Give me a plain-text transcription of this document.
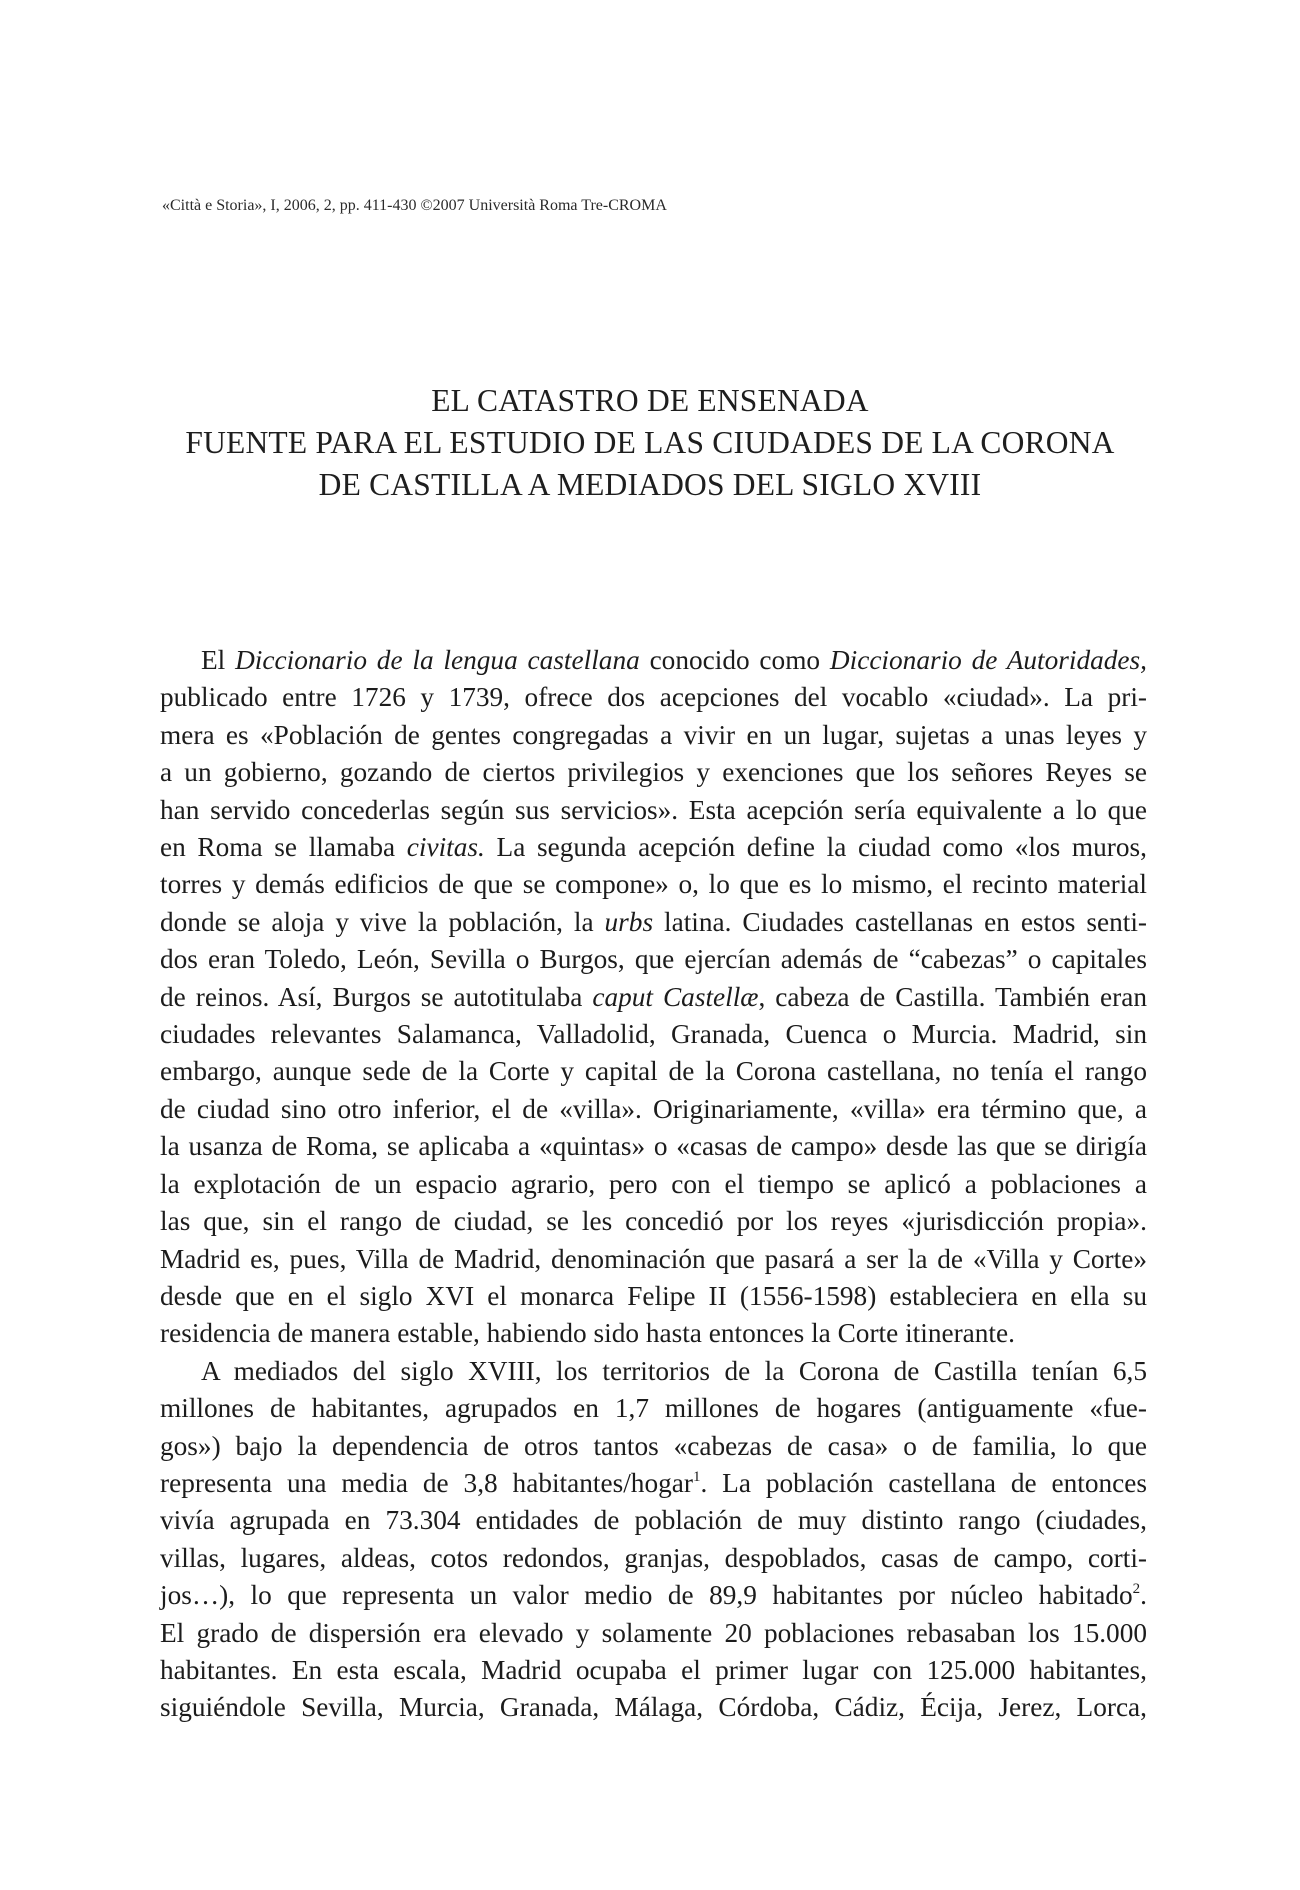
«Città e Storia», I, 2006, 2, pp. 411-430 ©2007 Università Roma Tre-CROMA
EL CATASTRO DE ENSENADA
FUENTE PARA EL ESTUDIO DE LAS CIUDADES DE LA CORONA
DE CASTILLA A MEDIADOS DEL SIGLO XVIII
El Diccionario de la lengua castellana conocido como Diccionario de Autoridades,
publicado entre 1726 y 1739, ofrece dos acepciones del vocablo «ciudad». La pri-
mera es «Población de gentes congregadas a vivir en un lugar, sujetas a unas leyes y
a un gobierno, gozando de ciertos privilegios y exenciones que los señores Reyes se
han servido concederlas según sus servicios». Esta acepción sería equivalente a lo que
en Roma se llamaba civitas. La segunda acepción define la ciudad como «los muros,
torres y demás edificios de que se compone» o, lo que es lo mismo, el recinto material
donde se aloja y vive la población, la urbs latina. Ciudades castellanas en estos senti-
dos eran Toledo, León, Sevilla o Burgos, que ejercían además de “cabezas” o capitales
de reinos. Así, Burgos se autotitulaba caput Castellæ, cabeza de Castilla. También eran
ciudades relevantes Salamanca, Valladolid, Granada, Cuenca o Murcia. Madrid, sin
embargo, aunque sede de la Corte y capital de la Corona castellana, no tenía el rango
de ciudad sino otro inferior, el de «villa». Originariamente, «villa» era término que, a
la usanza de Roma, se aplicaba a «quintas» o «casas de campo» desde las que se dirigía
la explotación de un espacio agrario, pero con el tiempo se aplicó a poblaciones a
las que, sin el rango de ciudad, se les concedió por los reyes «jurisdicción propia».
Madrid es, pues, Villa de Madrid, denominación que pasará a ser la de «Villa y Corte»
desde que en el siglo XVI el monarca Felipe II (1556-1598) estableciera en ella su
residencia de manera estable, habiendo sido hasta entonces la Corte itinerante.
A mediados del siglo XVIII, los territorios de la Corona de Castilla tenían 6,5
millones de habitantes, agrupados en 1,7 millones de hogares (antiguamente «fue-
gos») bajo la dependencia de otros tantos «cabezas de casa» o de familia, lo que
representa una media de 3,8 habitantes/hogar$^1$. La población castellana de entonces
vivía agrupada en 73.304 entidades de población de muy distinto rango (ciudades,
villas, lugares, aldeas, cotos redondos, granjas, despoblados, casas de campo, corti-
jos…), lo que representa un valor medio de 89,9 habitantes por núcleo habitado$^2$.
El grado de dispersión era elevado y solamente 20 poblaciones rebasaban los 15.000
habitantes. En esta escala, Madrid ocupaba el primer lugar con 125.000 habitantes,
siguiéndole Sevilla, Murcia, Granada, Málaga, Córdoba, Cádiz, Écija, Jerez, Lorca,
